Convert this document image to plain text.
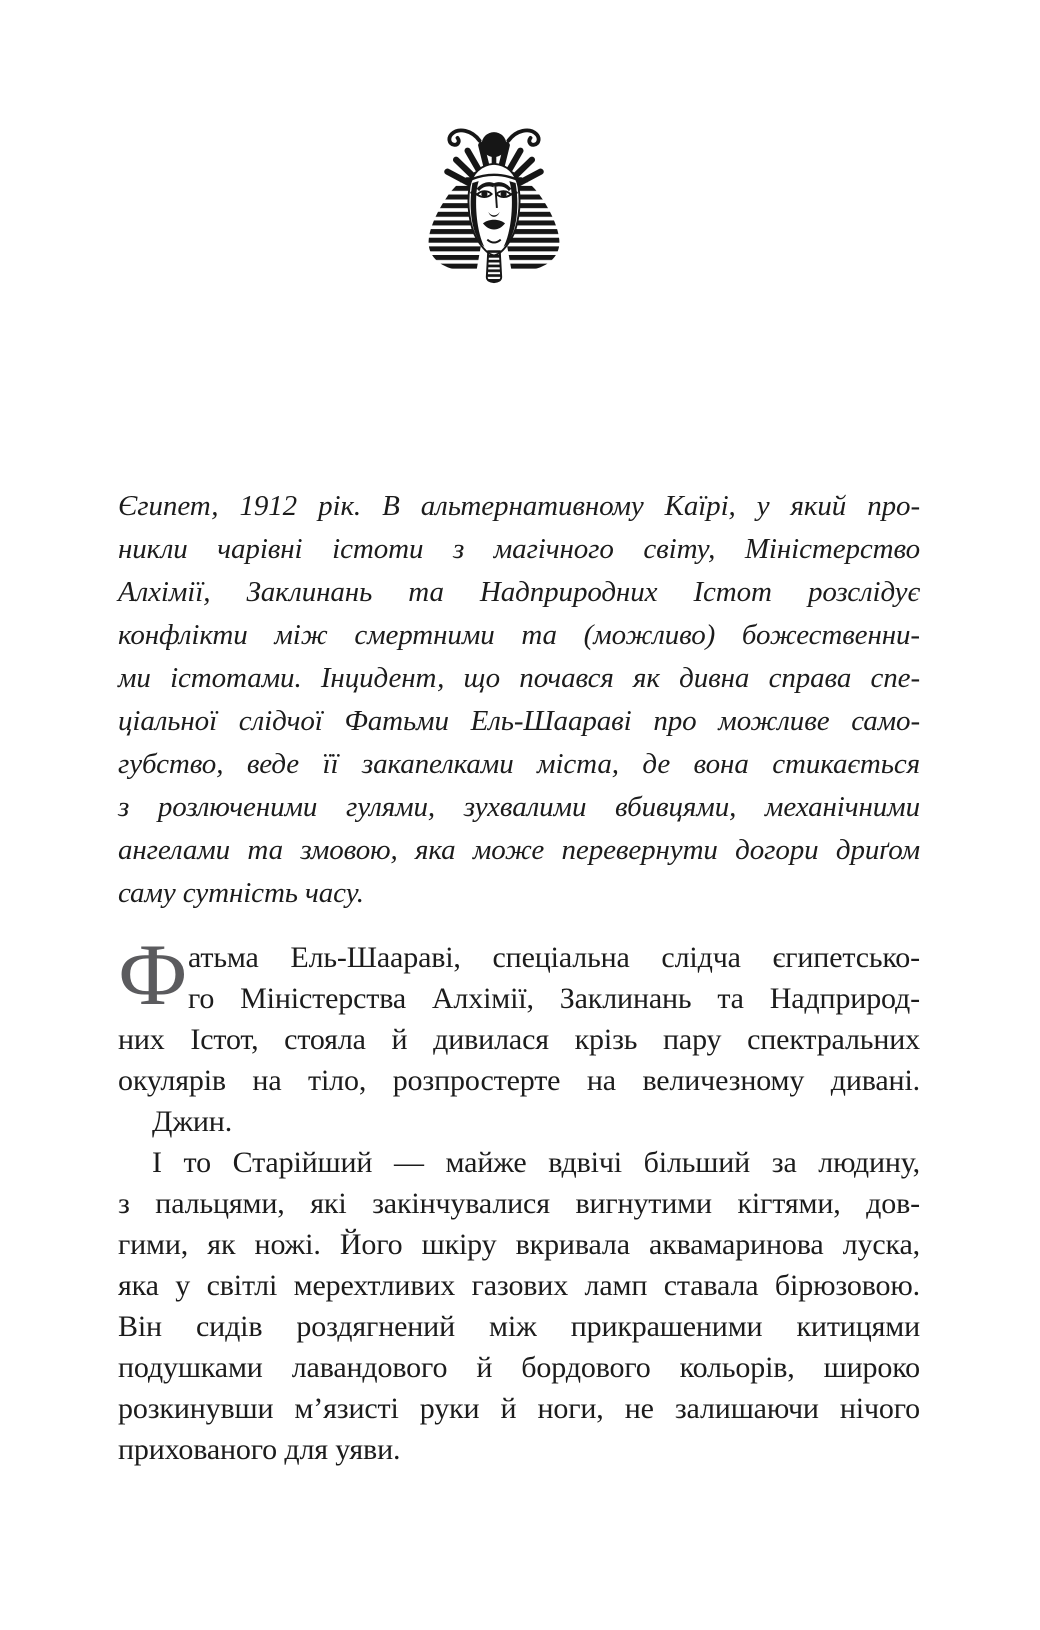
Єгипет, 1912 рік. В альтернативному Каїрі, у який про-
никли чарівні істоти з магічного світу, Міністерство
Алхімії, Заклинань та Надприродних Істот розслідує
конфлікти між смертними та (можливо) божественни-
ми істотами. Інцидент, що почався як дивна справа спе-
ціальної слідчої Фатьми Ель-Шаараві про можливе само-
губство, веде її закапелками міста, де вона стикається
з розлюченими гулями, зухвалими вбивцями, механічними
ангелами та змовою, яка може перевернути догори дриґом
саму сутність часу.
Ф атьма Ель-Шаараві, спеціальна слідча єгипетсько-
го Міністерства Алхімії, Заклинань та Надприрод-
них Істот, стояла й дивилася крізь пару спектральних
окулярів на тіло, розпростерте на величезному дивані.
Джин.
І то Старійший — майже вдвічі більший за людину,
з пальцями, які закінчувалися вигнутими кігтями, дов-
гими, як ножі. Його шкіру вкривала аквамаринова луска,
яка у світлі мерехтливих газових ламп ставала бірюзовою.
Він сидів роздягнений між прикрашеними китицями
подушками лавандового й бордового кольорів, широко
розкинувши м’язисті руки й ноги, не залишаючи нічого
прихованого для уяви.
